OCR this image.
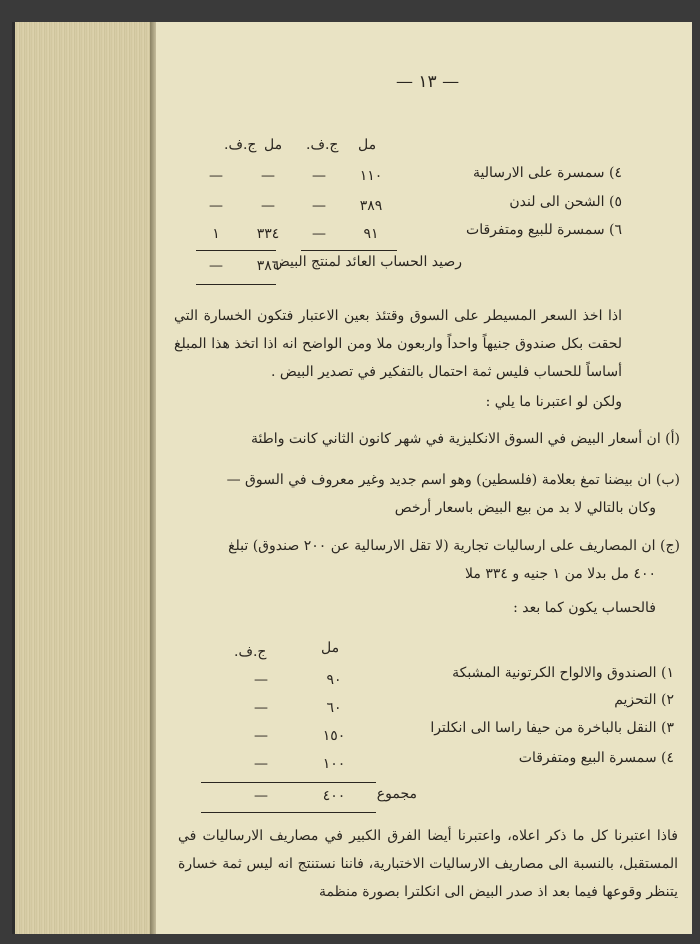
— ١٣ —
ج.ف. مل ج.ف. مل
٤) سمسرة على الارسالية
١١٠
—
—
—
٥) الشحن الى لندن
٣٨٩
—
—
—
٦) سمسرة للبيع ومتفرقات
٩١
—
٣٣٤
١
رصيد الحساب العائد لمنتج البيض
٣٨٦
—
اذا اخذ السعر المسيطر على السوق وقتئذ بعين الاعتبار فتكون الخسارة التي لحقت بكل صندوق جنيهاً واحداً واربعون ملا ومن الواضح انه اذا اتخذ هذا المبلغ أساساً للحساب فليس ثمة احتمال بالتفكير في تصدير البيض .
ولكن لو اعتبرنا ما يلي :
(أ) ان أسعار البيض في السوق الانكليزية في شهر كانون الثاني كانت واطئة
(ب) ان بيضنا تمغ بعلامة (فلسطين) وهو اسم جديد وغير معروف في السوق —
وكان بالتالي لا بد من بيع البيض باسعار أرخص
(ج) ان المصاريف على ارساليات تجارية (لا تقل الارسالية عن ٢٠٠ صندوق) تبلغ
٤٠٠ مل بدلا من ١ جنيه و ٣٣٤ ملا
فالحساب يكون كما بعد :
ج.ف.	مل
١) الصندوق والالواح الكرتونية المشبكة
٩٠
—
٢) التحزيم
٦٠
—
٣) النقل بالباخرة من حيفا راسا الى انكلترا
١٥٠
—
٤) سمسرة البيع ومتفرقات
١٠٠
—
مجموع
٤٠٠
—
فاذا اعتبرنا كل ما ذكر اعلاه، واعتبرنا أيضا الفرق الكبير في مصاريف الارساليات في المستقبل، بالنسبة الى مصاريف الارساليات الاختبارية، فاننا نستنتج انه ليس ثمة خسارة يتنظر وقوعها فيما بعد اذ صدر البيض الى انكلترا بصورة منظمة
